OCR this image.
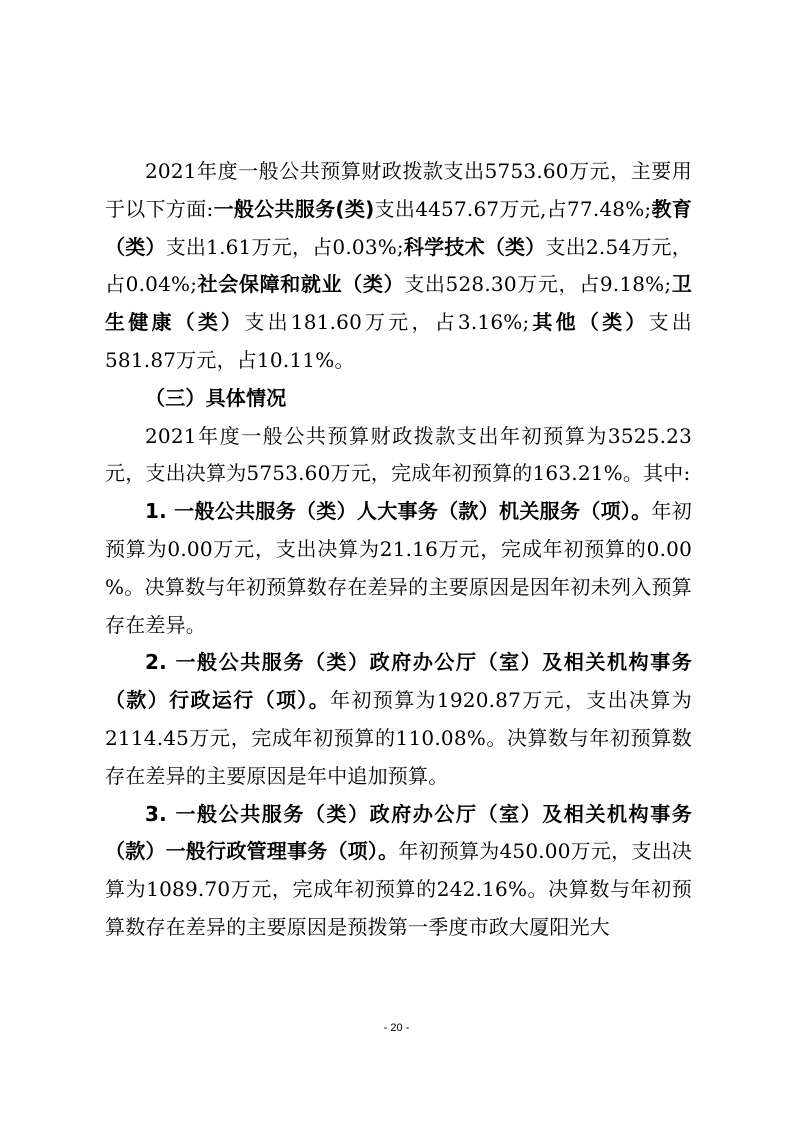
2021年度一般公共预算财政拨款支出5753.60万元，主要用于以下方面:一般公共服务(类)支出4457.67万元,占77.48%;教育（类）支出1.61万元，占0.03%;科学技术（类）支出2.54万元，占0.04%;社会保障和就业（类）支出528.30万元，占9.18%;卫生健康（类）支出181.60万元，占3.16%;其他（类）支出581.87万元，占10.11%。

（三）具体情况

2021年度一般公共预算财政拨款支出年初预算为3525.23元，支出决算为5753.60万元，完成年初预算的163.21%。其中:

1. 一般公共服务（类）人大事务（款）机关服务（项）。年初预算为0.00万元，支出决算为21.16万元，完成年初预算的0.00 %。决算数与年初预算数存在差异的主要原因是因年初未列入预算存在差异。

2. 一般公共服务（类）政府办公厅（室）及相关机构事务（款）行政运行（项）。年初预算为1920.87万元，支出决算为2114.45万元，完成年初预算的110.08%。决算数与年初预算数存在差异的主要原因是年中追加预算。

3. 一般公共服务（类）政府办公厅（室）及相关机构事务（款）一般行政管理事务（项）。年初预算为450.00万元，支出决算为1089.70万元，完成年初预算的242.16%。决算数与年初预算数存在差异的主要原因是预拨第一季度市政大厦阳光大

- 20 -
